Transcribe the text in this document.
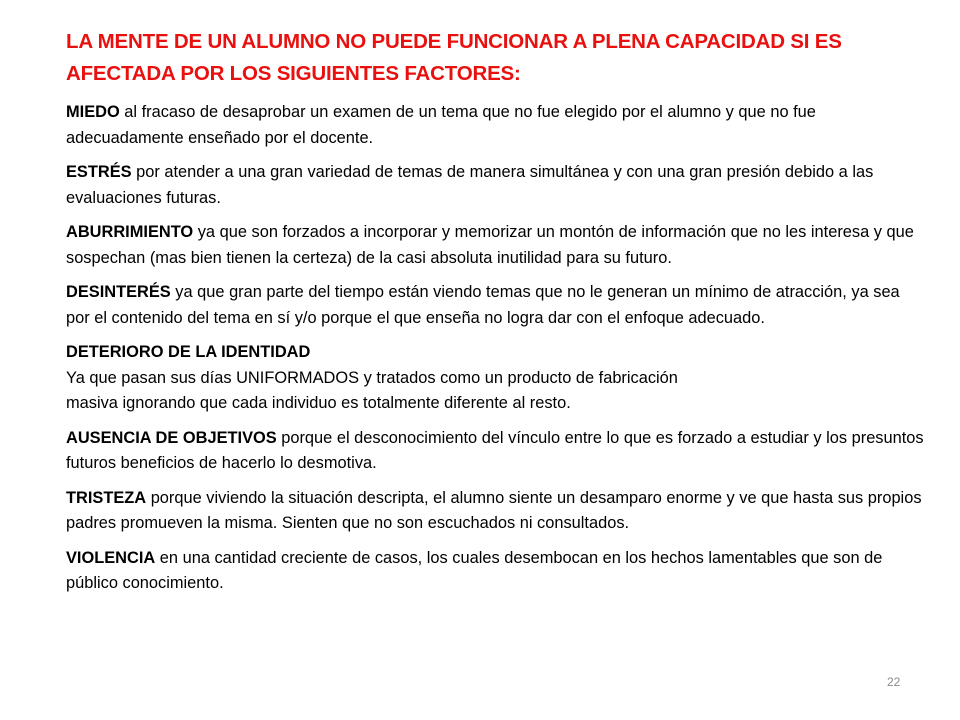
LA MENTE DE UN ALUMNO NO PUEDE FUNCIONAR A PLENA CAPACIDAD SI ES AFECTADA POR LOS SIGUIENTES FACTORES:

MIEDO al fracaso de desaprobar un examen de un tema que no fue elegido por el alumno y que no fue adecuadamente enseñado por el docente.

ESTRÉS por atender a una gran variedad de temas de manera simultánea y con una gran presión debido a las evaluaciones futuras.

ABURRIMIENTO ya que son forzados a incorporar y memorizar un montón de información que no les interesa y que sospechan (mas bien tienen la certeza) de la casi absoluta inutilidad para su futuro.

DESINTERÉS ya que gran parte del tiempo están viendo temas que no le generan un mínimo de atracción, ya sea por el contenido del tema en sí y/o porque el que enseña no logra dar con el enfoque adecuado.

DETERIORO DE LA IDENTIDAD
Ya que pasan sus días UNIFORMADOS y tratados como un producto de fabricación
masiva ignorando que cada individuo es totalmente diferente al resto.

AUSENCIA DE OBJETIVOS porque el desconocimiento del vínculo entre lo que es forzado a estudiar y los presuntos futuros beneficios de hacerlo lo desmotiva.

TRISTEZA porque viviendo la situación descripta, el alumno siente un desamparo enorme y ve que hasta sus propios padres promueven la misma. Sienten que no son escuchados ni consultados.

VIOLENCIA en una cantidad creciente de casos, los cuales desembocan en los hechos lamentables que son de público conocimiento.

22
